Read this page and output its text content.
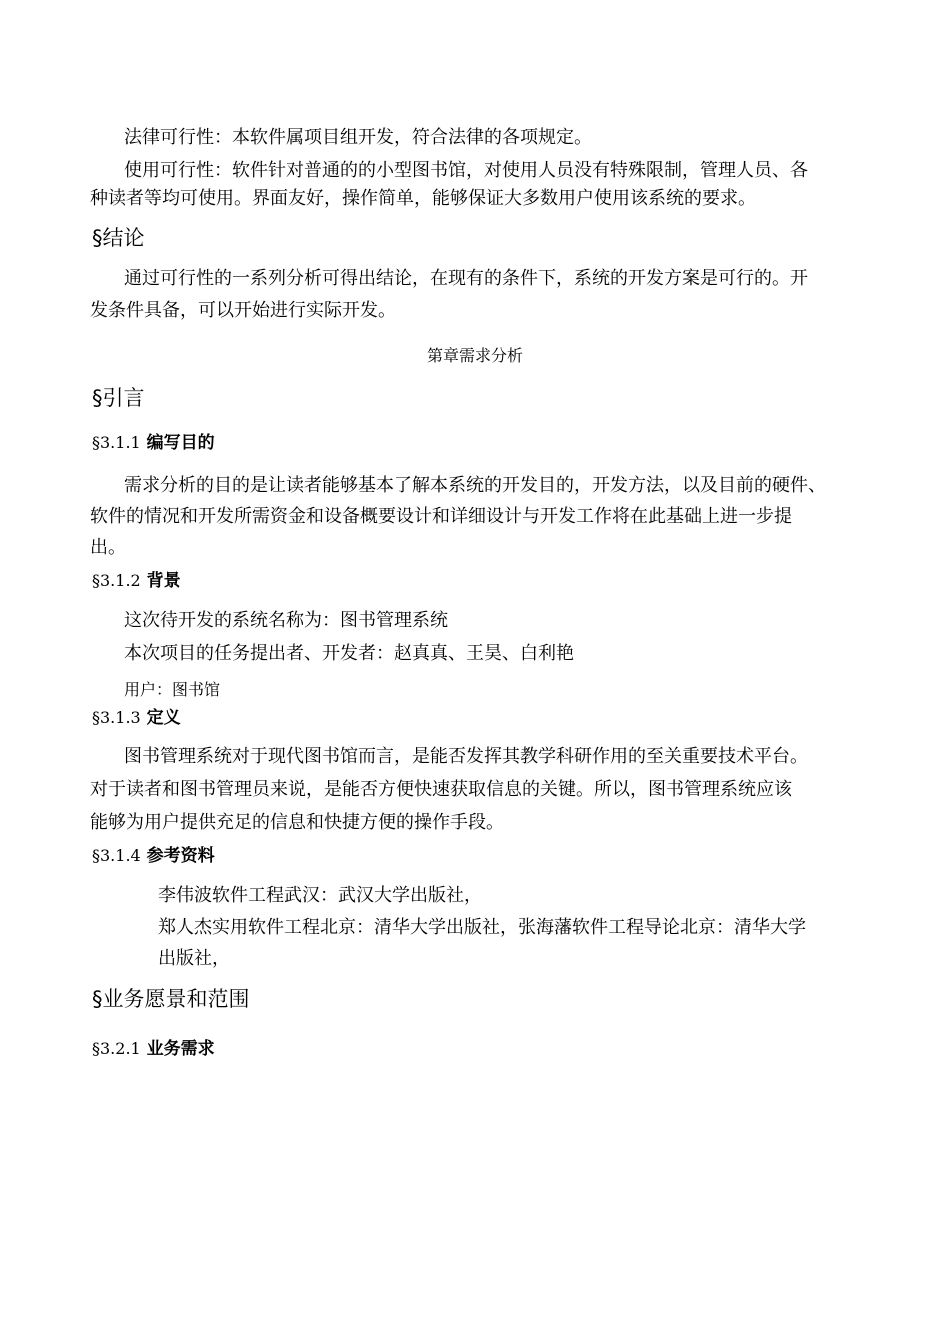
法律可行性：本软件属项目组开发，符合法律的各项规定。

使用可行性：软件针对普通的的小型图书馆，对使用人员没有特殊限制，管理人员、各

种读者等均可使用。界面友好，操作简单，能够保证大多数用户使用该系统的要求。

§结论

通过可行性的一系列分析可得出结论，在现有的条件下，系统的开发方案是可行的。开

发条件具备，可以开始进行实际开发。

第章需求分析

§引言
§3.1.1 编写目的

需求分析的目的是让读者能够基本了解本系统的开发目的，开发方法，以及目前的硬件、

软件的情况和开发所需资金和设备概要设计和详细设计与开发工作将在此基础上进一步提

出。

§3.1.2 背景

这次待开发的系统名称为：图书管理系统

本次项目的任务提出者、开发者：赵真真、王昊、白利艳

用户：图书馆

§3.1.3 定义

图书管理系统对于现代图书馆而言，是能否发挥其教学科研作用的至关重要技术平台。

对于读者和图书管理员来说，是能否方便快速获取信息的关键。所以，图书管理系统应该

能够为用户提供充足的信息和快捷方便的操作手段。

§3.1.4 参考资料

李伟波软件工程武汉：武汉大学出版社，

郑人杰实用软件工程北京：清华大学出版社，张海藩软件工程导论北京：清华大学

出版社，

§业务愿景和范围
§3.2.1 业务需求
